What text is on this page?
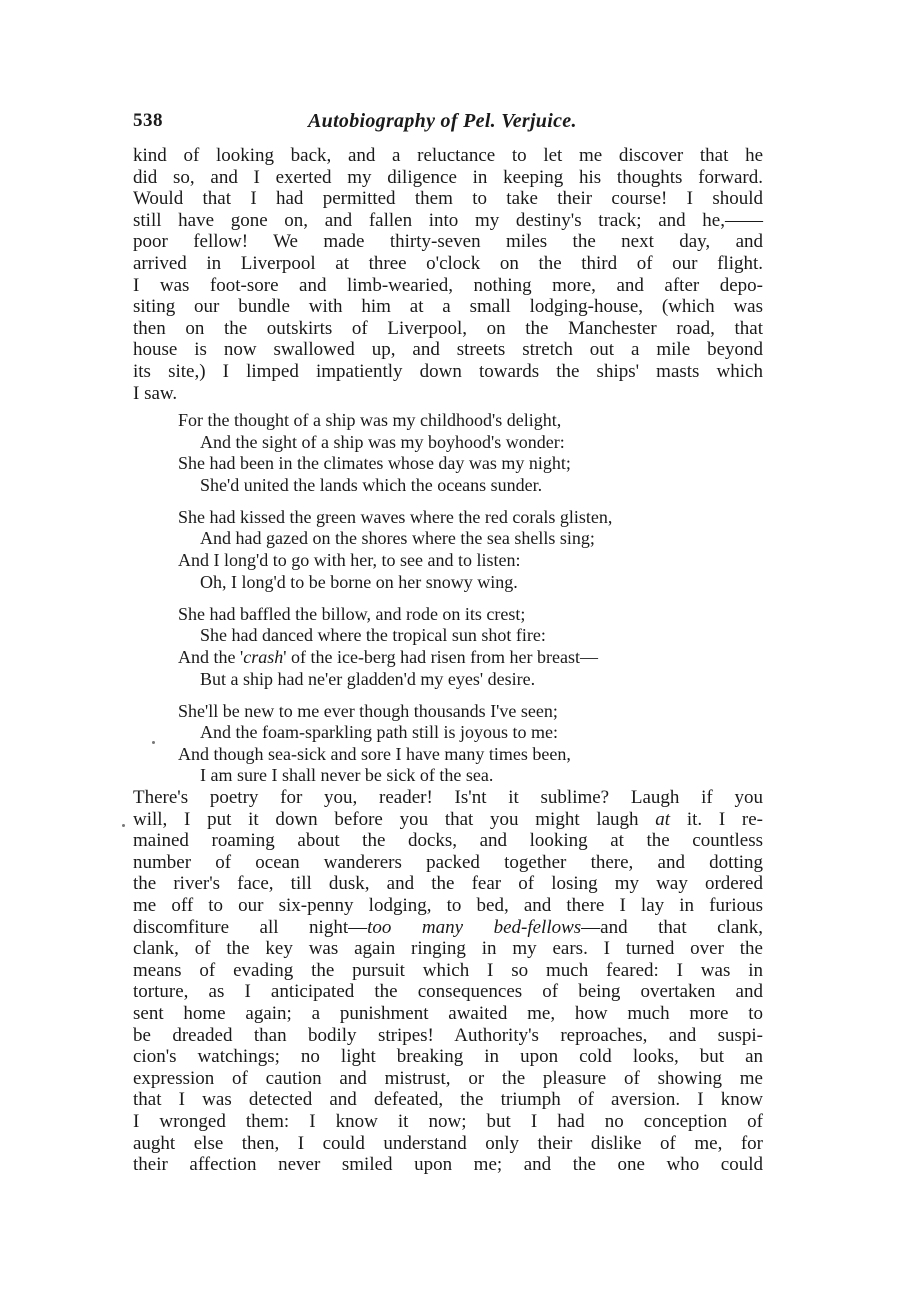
538	Autobiography of Pel. Verjuice.

kind of looking back, and a reluctance to let me discover that he
did so, and I exerted my diligence in keeping his thoughts forward.
Would that I had permitted them to take their course! I should
still have gone on, and fallen into my destiny's track; and he,——
poor fellow! We made thirty-seven miles the next day, and
arrived in Liverpool at three o'clock on the third of our flight.
I was foot-sore and limb-wearied, nothing more, and after depo-
siting our bundle with him at a small lodging-house, (which was
then on the outskirts of Liverpool, on the Manchester road, that
house is now swallowed up, and streets stretch out a mile beyond
its site,) I limped impatiently down towards the ships' masts which
I saw.

For the thought of a ship was my childhood's delight,
And the sight of a ship was my boyhood's wonder:
She had been in the climates whose day was my night;
She'd united the lands which the oceans sunder.
She had kissed the green waves where the red corals glisten,
And had gazed on the shores where the sea shells sing;
And I long'd to go with her, to see and to listen:
Oh, I long'd to be borne on her snowy wing.
She had baffled the billow, and rode on its crest;
She had danced where the tropical sun shot fire:
And the 'crash' of the ice-berg had risen from her breast—
But a ship had ne'er gladden'd my eyes' desire.
She'll be new to me ever though thousands I've seen;
And the foam-sparkling path still is joyous to me:
And though sea-sick and sore I have many times been,
I am sure I shall never be sick of the sea.

There's poetry for you, reader! Is'nt it sublime? Laugh if you
will, I put it down before you that you might laugh at it. I re-
mained roaming about the docks, and looking at the countless
number of ocean wanderers packed together there, and dotting
the river's face, till dusk, and the fear of losing my way ordered
me off to our six-penny lodging, to bed, and there I lay in furious
discomfiture all night—too many bed-fellows—and that clank,
clank, of the key was again ringing in my ears. I turned over the
means of evading the pursuit which I so much feared: I was in
torture, as I anticipated the consequences of being overtaken and
sent home again; a punishment awaited me, how much more to
be dreaded than bodily stripes! Authority's reproaches, and suspi-
cion's watchings; no light breaking in upon cold looks, but an
expression of caution and mistrust, or the pleasure of showing me
that I was detected and defeated, the triumph of aversion. I know
I wronged them: I know it now; but I had no conception of
aught else then, I could understand only their dislike of me, for
their affection never smiled upon me; and the one who could
